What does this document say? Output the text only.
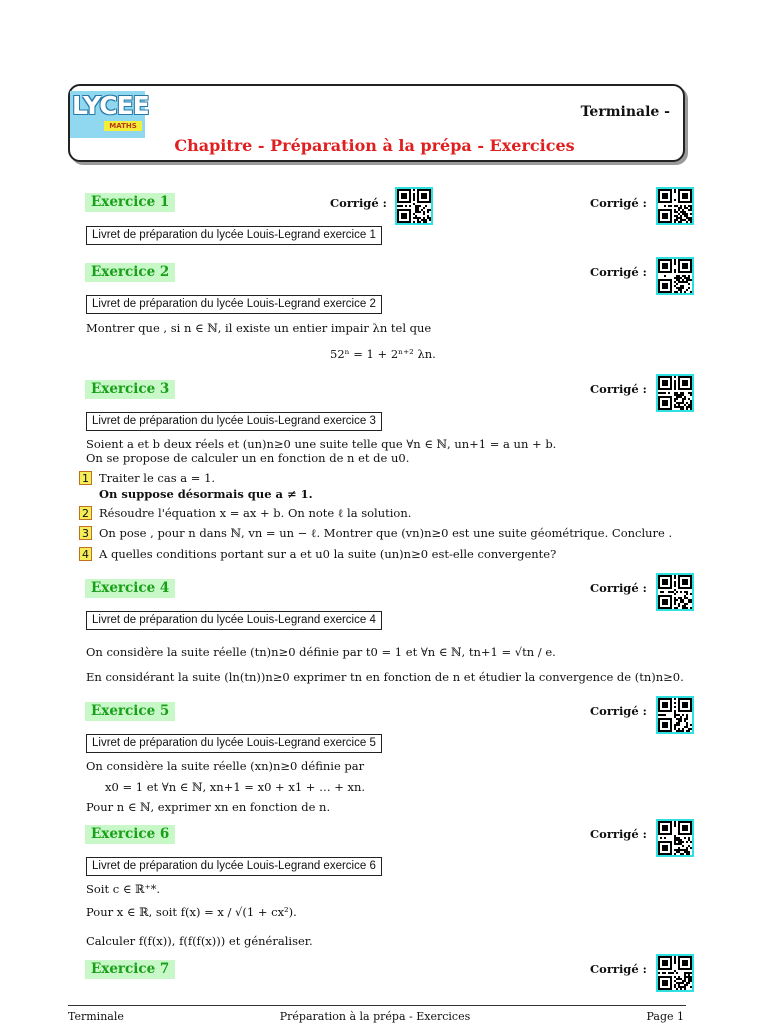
LYCEE
MATHS
Terminale -
Chapitre - Préparation à la prépa - Exercices
Exercice 1	Corrigé :	Corrigé :
Livret de préparation du lycée Louis-Legrand exercice 1
Exercice 2	Corrigé :
Livret de préparation du lycée Louis-Legrand exercice 2
Montrer que , si n ∈ ℕ, il existe un entier impair λn tel que
52ⁿ = 1 + 2ⁿ⁺² λn.
Exercice 3	Corrigé :
Livret de préparation du lycée Louis-Legrand exercice 3
Soient a et b deux réels et (un)n≥0 une suite telle que ∀n ∈ ℕ, un+1 = a un + b.
On se propose de calculer un en fonction de n et de u0.
1 Traiter le cas a = 1.
On suppose désormais que a ≠ 1.
2 Résoudre l'équation x = ax + b. On note ℓ la solution.
3 On pose , pour n dans ℕ, vn = un − ℓ. Montrer que (vn)n≥0 est une suite géométrique. Conclure .
4 A quelles conditions portant sur a et u0 la suite (un)n≥0 est-elle convergente?
Exercice 4	Corrigé :
Livret de préparation du lycée Louis-Legrand exercice 4
On considère la suite réelle (tn)n≥0 définie par t0 = 1 et ∀n ∈ ℕ, tn+1 = √tn / e.
En considérant la suite (ln(tn))n≥0 exprimer tn en fonction de n et étudier la convergence de (tn)n≥0.
Exercice 5	Corrigé :
Livret de préparation du lycée Louis-Legrand exercice 5
On considère la suite réelle (xn)n≥0 définie par
x0 = 1 et ∀n ∈ ℕ, xn+1 = x0 + x1 + … + xn.
Pour n ∈ ℕ, exprimer xn en fonction de n.
Exercice 6	Corrigé :
Livret de préparation du lycée Louis-Legrand exercice 6
Soit c ∈ ℝ⁺*.
Pour x ∈ ℝ, soit f(x) = x / √(1 + cx²).
Calculer f(f(x)), f(f(f(x))) et généraliser.
Exercice 7	Corrigé :
Terminale	Préparation à la prépa - Exercices	Page 1
